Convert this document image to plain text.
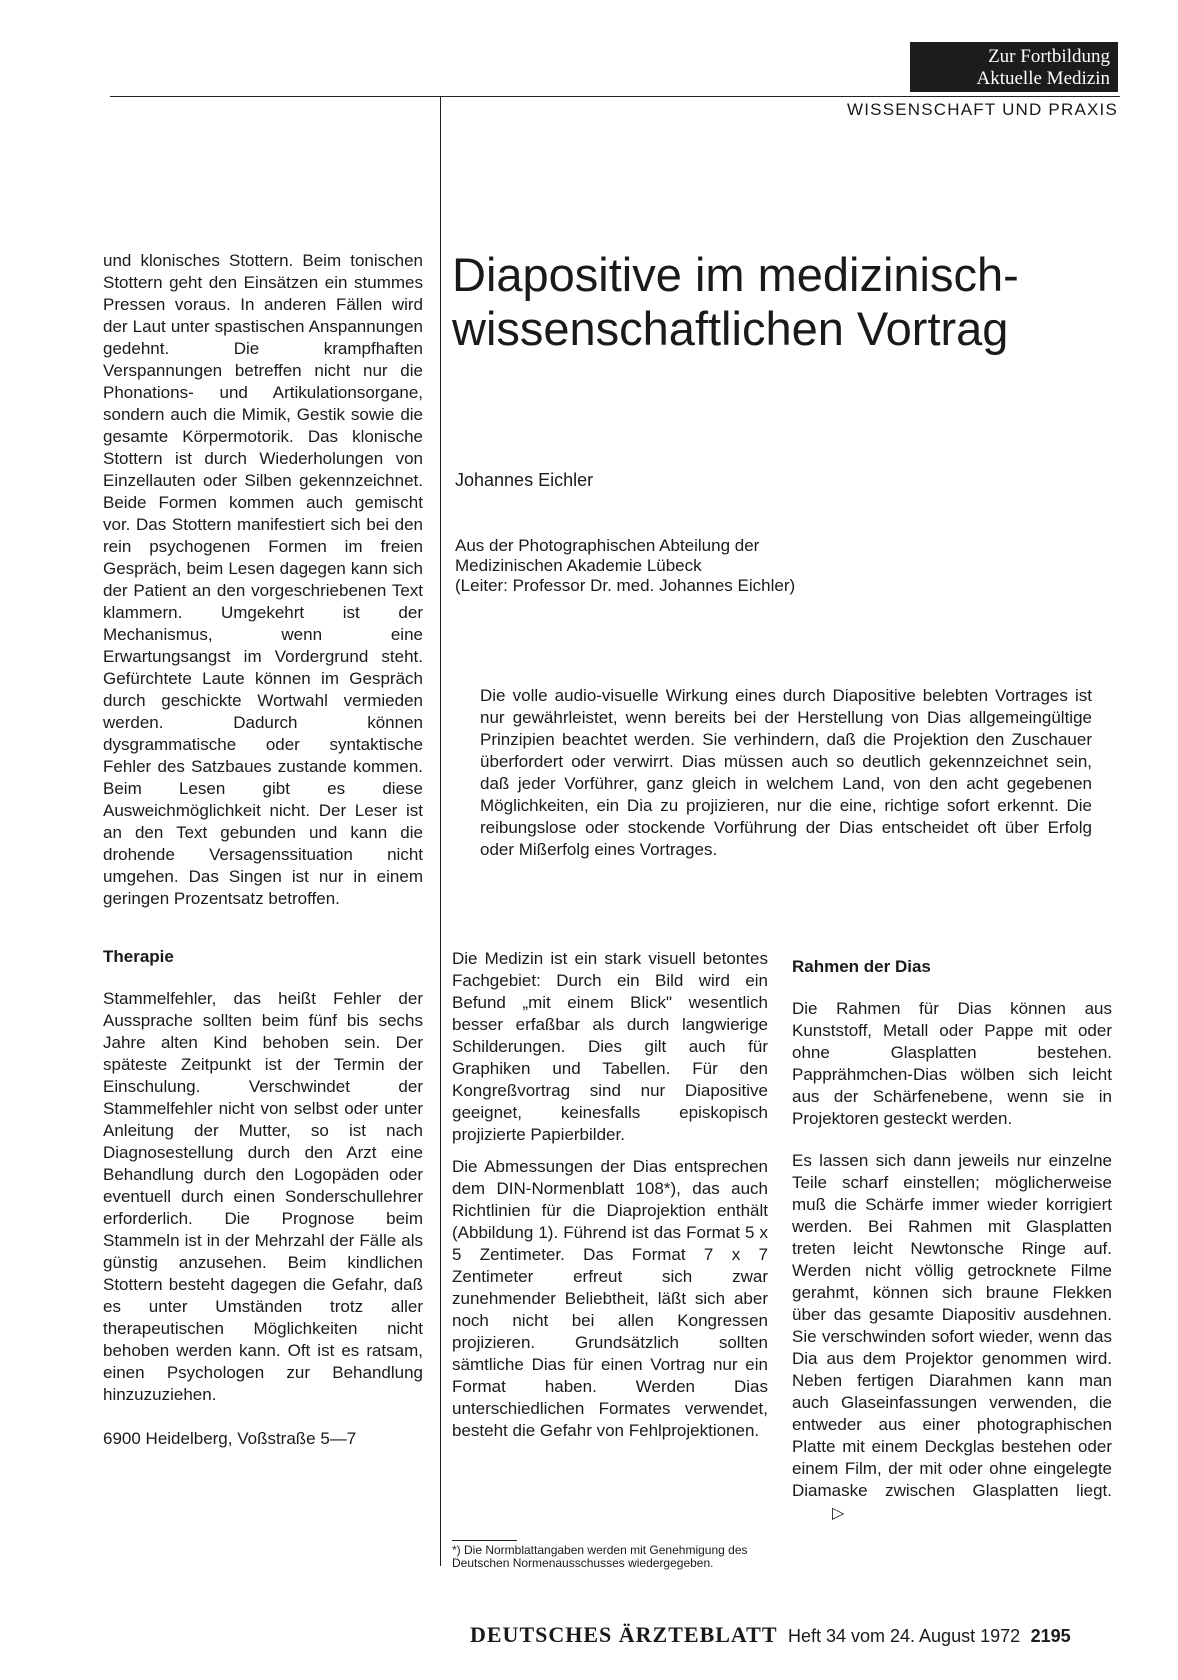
Zur Fortbildung
Aktuelle Medizin
WISSENSCHAFT UND PRAXIS

und klonisches Stottern. Beim tonischen Stottern geht den Einsätzen ein stummes Pressen voraus. In anderen Fällen wird der Laut unter spastischen Anspannungen gedehnt. Die krampfhaften Verspannungen betreffen nicht nur die Phonations- und Artikulationsorgane, sondern auch die Mimik, Gestik sowie die gesamte Körpermotorik. Das klonische Stottern ist durch Wiederholungen von Einzellauten oder Silben gekennzeichnet. Beide Formen kommen auch gemischt vor. Das Stottern manifestiert sich bei den rein psychogenen Formen im freien Gespräch, beim Lesen dagegen kann sich der Patient an den vorgeschriebenen Text klammern. Umgekehrt ist der Mechanismus, wenn eine Erwartungsangst im Vordergrund steht. Gefürchtete Laute können im Gespräch durch geschickte Wortwahl vermieden werden. Dadurch können dysgrammatische oder syntaktische Fehler des Satzbaues zustande kommen. Beim Lesen gibt es diese Ausweichmöglichkeit nicht. Der Leser ist an den Text gebunden und kann die drohende Versagenssituation nicht umgehen. Das Singen ist nur in einem geringen Prozentsatz betroffen.

Therapie

Stammelfehler, das heißt Fehler der Aussprache sollten beim fünf bis sechs Jahre alten Kind behoben sein. Der späteste Zeitpunkt ist der Termin der Einschulung. Verschwindet der Stammelfehler nicht von selbst oder unter Anleitung der Mutter, so ist nach Diagnosestellung durch den Arzt eine Behandlung durch den Logopäden oder eventuell durch einen Sonderschullehrer erforderlich. Die Prognose beim Stammeln ist in der Mehrzahl der Fälle als günstig anzusehen. Beim kindlichen Stottern besteht dagegen die Gefahr, daß es unter Umständen trotz aller therapeutischen Möglichkeiten nicht behoben werden kann. Oft ist es ratsam, einen Psychologen zur Behandlung hinzuzuziehen.

6900 Heidelberg, Voßstraße 5—7

Diapositive im medizinisch-wissenschaftlichen Vortrag
Johannes Eichler
Aus der Photographischen Abteilung der
Medizinischen Akademie Lübeck
(Leiter: Professor Dr. med. Johannes Eichler)
Die volle audio-visuelle Wirkung eines durch Diapositive belebten Vortrages ist nur gewährleistet, wenn bereits bei der Herstellung von Dias allgemeingültige Prinzipien beachtet werden. Sie verhindern, daß die Projektion den Zuschauer überfordert oder verwirrt. Dias müssen auch so deutlich gekennzeichnet sein, daß jeder Vorführer, ganz gleich in welchem Land, von den acht gegebenen Möglichkeiten, ein Dia zu projizieren, nur die eine, richtige sofort erkennt. Die reibungslose oder stockende Vorführung der Dias entscheidet oft über Erfolg oder Mißerfolg eines Vortrages.

Die Medizin ist ein stark visuell betontes Fachgebiet: Durch ein Bild wird ein Befund „mit einem Blick" wesentlich besser erfaßbar als durch langwierige Schilderungen. Dies gilt auch für Graphiken und Tabellen. Für den Kongreßvortrag sind nur Diapositive geeignet, keinesfalls episkopisch projizierte Papierbilder.

Die Abmessungen der Dias entsprechen dem DIN-Normenblatt 108*), das auch Richtlinien für die Diaprojektion enthält (Abbildung 1). Führend ist das Format 5 x 5 Zentimeter. Das Format 7 x 7 Zentimeter erfreut sich zwar zunehmender Beliebtheit, läßt sich aber noch nicht bei allen Kongressen projizieren. Grundsätzlich sollten sämtliche Dias für einen Vortrag nur ein Format haben. Werden Dias unterschiedlichen Formates verwendet, besteht die Gefahr von Fehlprojektionen.

*) Die Normblattangaben werden mit Genehmigung des Deutschen Normenausschusses wiedergegeben.

Rahmen der Dias

Die Rahmen für Dias können aus Kunststoff, Metall oder Pappe mit oder ohne Glasplatten bestehen. Papprähmchen-Dias wölben sich leicht aus der Schärfenebene, wenn sie in Projektoren gesteckt werden.

Es lassen sich dann jeweils nur einzelne Teile scharf einstellen; möglicherweise muß die Schärfe immer wieder korrigiert werden. Bei Rahmen mit Glasplatten treten leicht Newtonsche Ringe auf. Werden nicht völlig getrocknete Filme gerahmt, können sich braune Flekken über das gesamte Diapositiv ausdehnen. Sie verschwinden sofort wieder, wenn das Dia aus dem Projektor genommen wird. Neben fertigen Diarahmen kann man auch Glaseinfassungen verwenden, die entweder aus einer photographischen Platte mit einem Deckglas bestehen oder einem Film, der mit oder ohne eingelegte Diamaske zwischen Glasplatten liegt. ▷

DEUTSCHES ÄRZTEBLATT Heft 34 vom 24. August 1972 2195
